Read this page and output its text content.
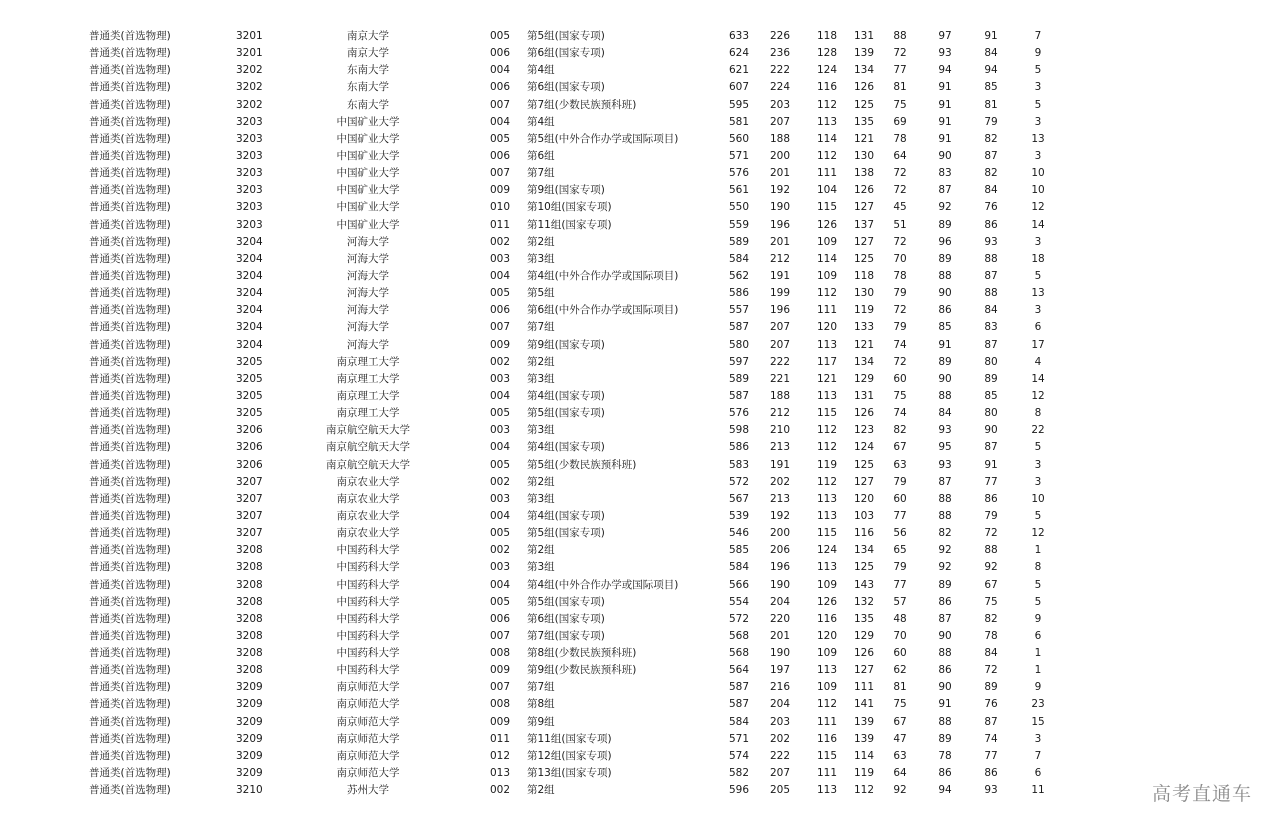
普通类(首选物理)	3201	南京大学	005 第5组(国家专项)	633	226	118	131	88	97	91	7
普通类(首选物理)	3201	南京大学	006 第6组(国家专项)	624	236	128	139	72	93	84	9
普通类(首选物理)	3202	东南大学	004 第4组	621	222	124	134	77	94	94	5
普通类(首选物理)	3202	东南大学	006 第6组(国家专项)	607	224	116	126	81	91	85	3
普通类(首选物理)	3202	东南大学	007 第7组(少数民族预科班)	595	203	112	125	75	91	81	5
普通类(首选物理)	3203	中国矿业大学	004 第4组	581	207	113	135	69	91	79	3
普通类(首选物理)	3203	中国矿业大学	005 第5组(中外合作办学或国际项目)	560	188	114	121	78	91	82	13
普通类(首选物理)	3203	中国矿业大学	006 第6组	571	200	112	130	64	90	87	3
普通类(首选物理)	3203	中国矿业大学	007 第7组	576	201	111	138	72	83	82	10
普通类(首选物理)	3203	中国矿业大学	009 第9组(国家专项)	561	192	104	126	72	87	84	10
普通类(首选物理)	3203	中国矿业大学	010 第10组(国家专项)	550	190	115	127	45	92	76	12
普通类(首选物理)	3203	中国矿业大学	011 第11组(国家专项)	559	196	126	137	51	89	86	14
普通类(首选物理)	3204	河海大学	002 第2组	589	201	109	127	72	96	93	3
普通类(首选物理)	3204	河海大学	003 第3组	584	212	114	125	70	89	88	18
普通类(首选物理)	3204	河海大学	004 第4组(中外合作办学或国际项目)	562	191	109	118	78	88	87	5
普通类(首选物理)	3204	河海大学	005 第5组	586	199	112	130	79	90	88	13
普通类(首选物理)	3204	河海大学	006 第6组(中外合作办学或国际项目)	557	196	111	119	72	86	84	3
普通类(首选物理)	3204	河海大学	007 第7组	587	207	120	133	79	85	83	6
普通类(首选物理)	3204	河海大学	009 第9组(国家专项)	580	207	113	121	74	91	87	17
普通类(首选物理)	3205	南京理工大学	002 第2组	597	222	117	134	72	89	80	4
普通类(首选物理)	3205	南京理工大学	003 第3组	589	221	121	129	60	90	89	14
普通类(首选物理)	3205	南京理工大学	004 第4组(国家专项)	587	188	113	131	75	88	85	12
普通类(首选物理)	3205	南京理工大学	005 第5组(国家专项)	576	212	115	126	74	84	80	8
普通类(首选物理)	3206	南京航空航天大学	003 第3组	598	210	112	123	82	93	90	22
普通类(首选物理)	3206	南京航空航天大学	004 第4组(国家专项)	586	213	112	124	67	95	87	5
普通类(首选物理)	3206	南京航空航天大学	005 第5组(少数民族预科班)	583	191	119	125	63	93	91	3
普通类(首选物理)	3207	南京农业大学	002 第2组	572	202	112	127	79	87	77	3
普通类(首选物理)	3207	南京农业大学	003 第3组	567	213	113	120	60	88	86	10
普通类(首选物理)	3207	南京农业大学	004 第4组(国家专项)	539	192	113	103	77	88	79	5
普通类(首选物理)	3207	南京农业大学	005 第5组(国家专项)	546	200	115	116	56	82	72	12
普通类(首选物理)	3208	中国药科大学	002 第2组	585	206	124	134	65	92	88	1
普通类(首选物理)	3208	中国药科大学	003 第3组	584	196	113	125	79	92	92	8
普通类(首选物理)	3208	中国药科大学	004 第4组(中外合作办学或国际项目)	566	190	109	143	77	89	67	5
普通类(首选物理)	3208	中国药科大学	005 第5组(国家专项)	554	204	126	132	57	86	75	5
普通类(首选物理)	3208	中国药科大学	006 第6组(国家专项)	572	220	116	135	48	87	82	9
普通类(首选物理)	3208	中国药科大学	007 第7组(国家专项)	568	201	120	129	70	90	78	6
普通类(首选物理)	3208	中国药科大学	008 第8组(少数民族预科班)	568	190	109	126	60	88	84	1
普通类(首选物理)	3208	中国药科大学	009 第9组(少数民族预科班)	564	197	113	127	62	86	72	1
普通类(首选物理)	3209	南京师范大学	007 第7组	587	216	109	111	81	90	89	9
普通类(首选物理)	3209	南京师范大学	008 第8组	587	204	112	141	75	91	76	23
普通类(首选物理)	3209	南京师范大学	009 第9组	584	203	111	139	67	88	87	15
普通类(首选物理)	3209	南京师范大学	011 第11组(国家专项)	571	202	116	139	47	89	74	3
普通类(首选物理)	3209	南京师范大学	012 第12组(国家专项)	574	222	115	114	63	78	77	7
普通类(首选物理)	3209	南京师范大学	013 第13组(国家专项)	582	207	111	119	64	86	86	6
普通类(首选物理)	3210	苏州大学	002 第2组	596	205	113	112	92	94	93	11	高考直通车
